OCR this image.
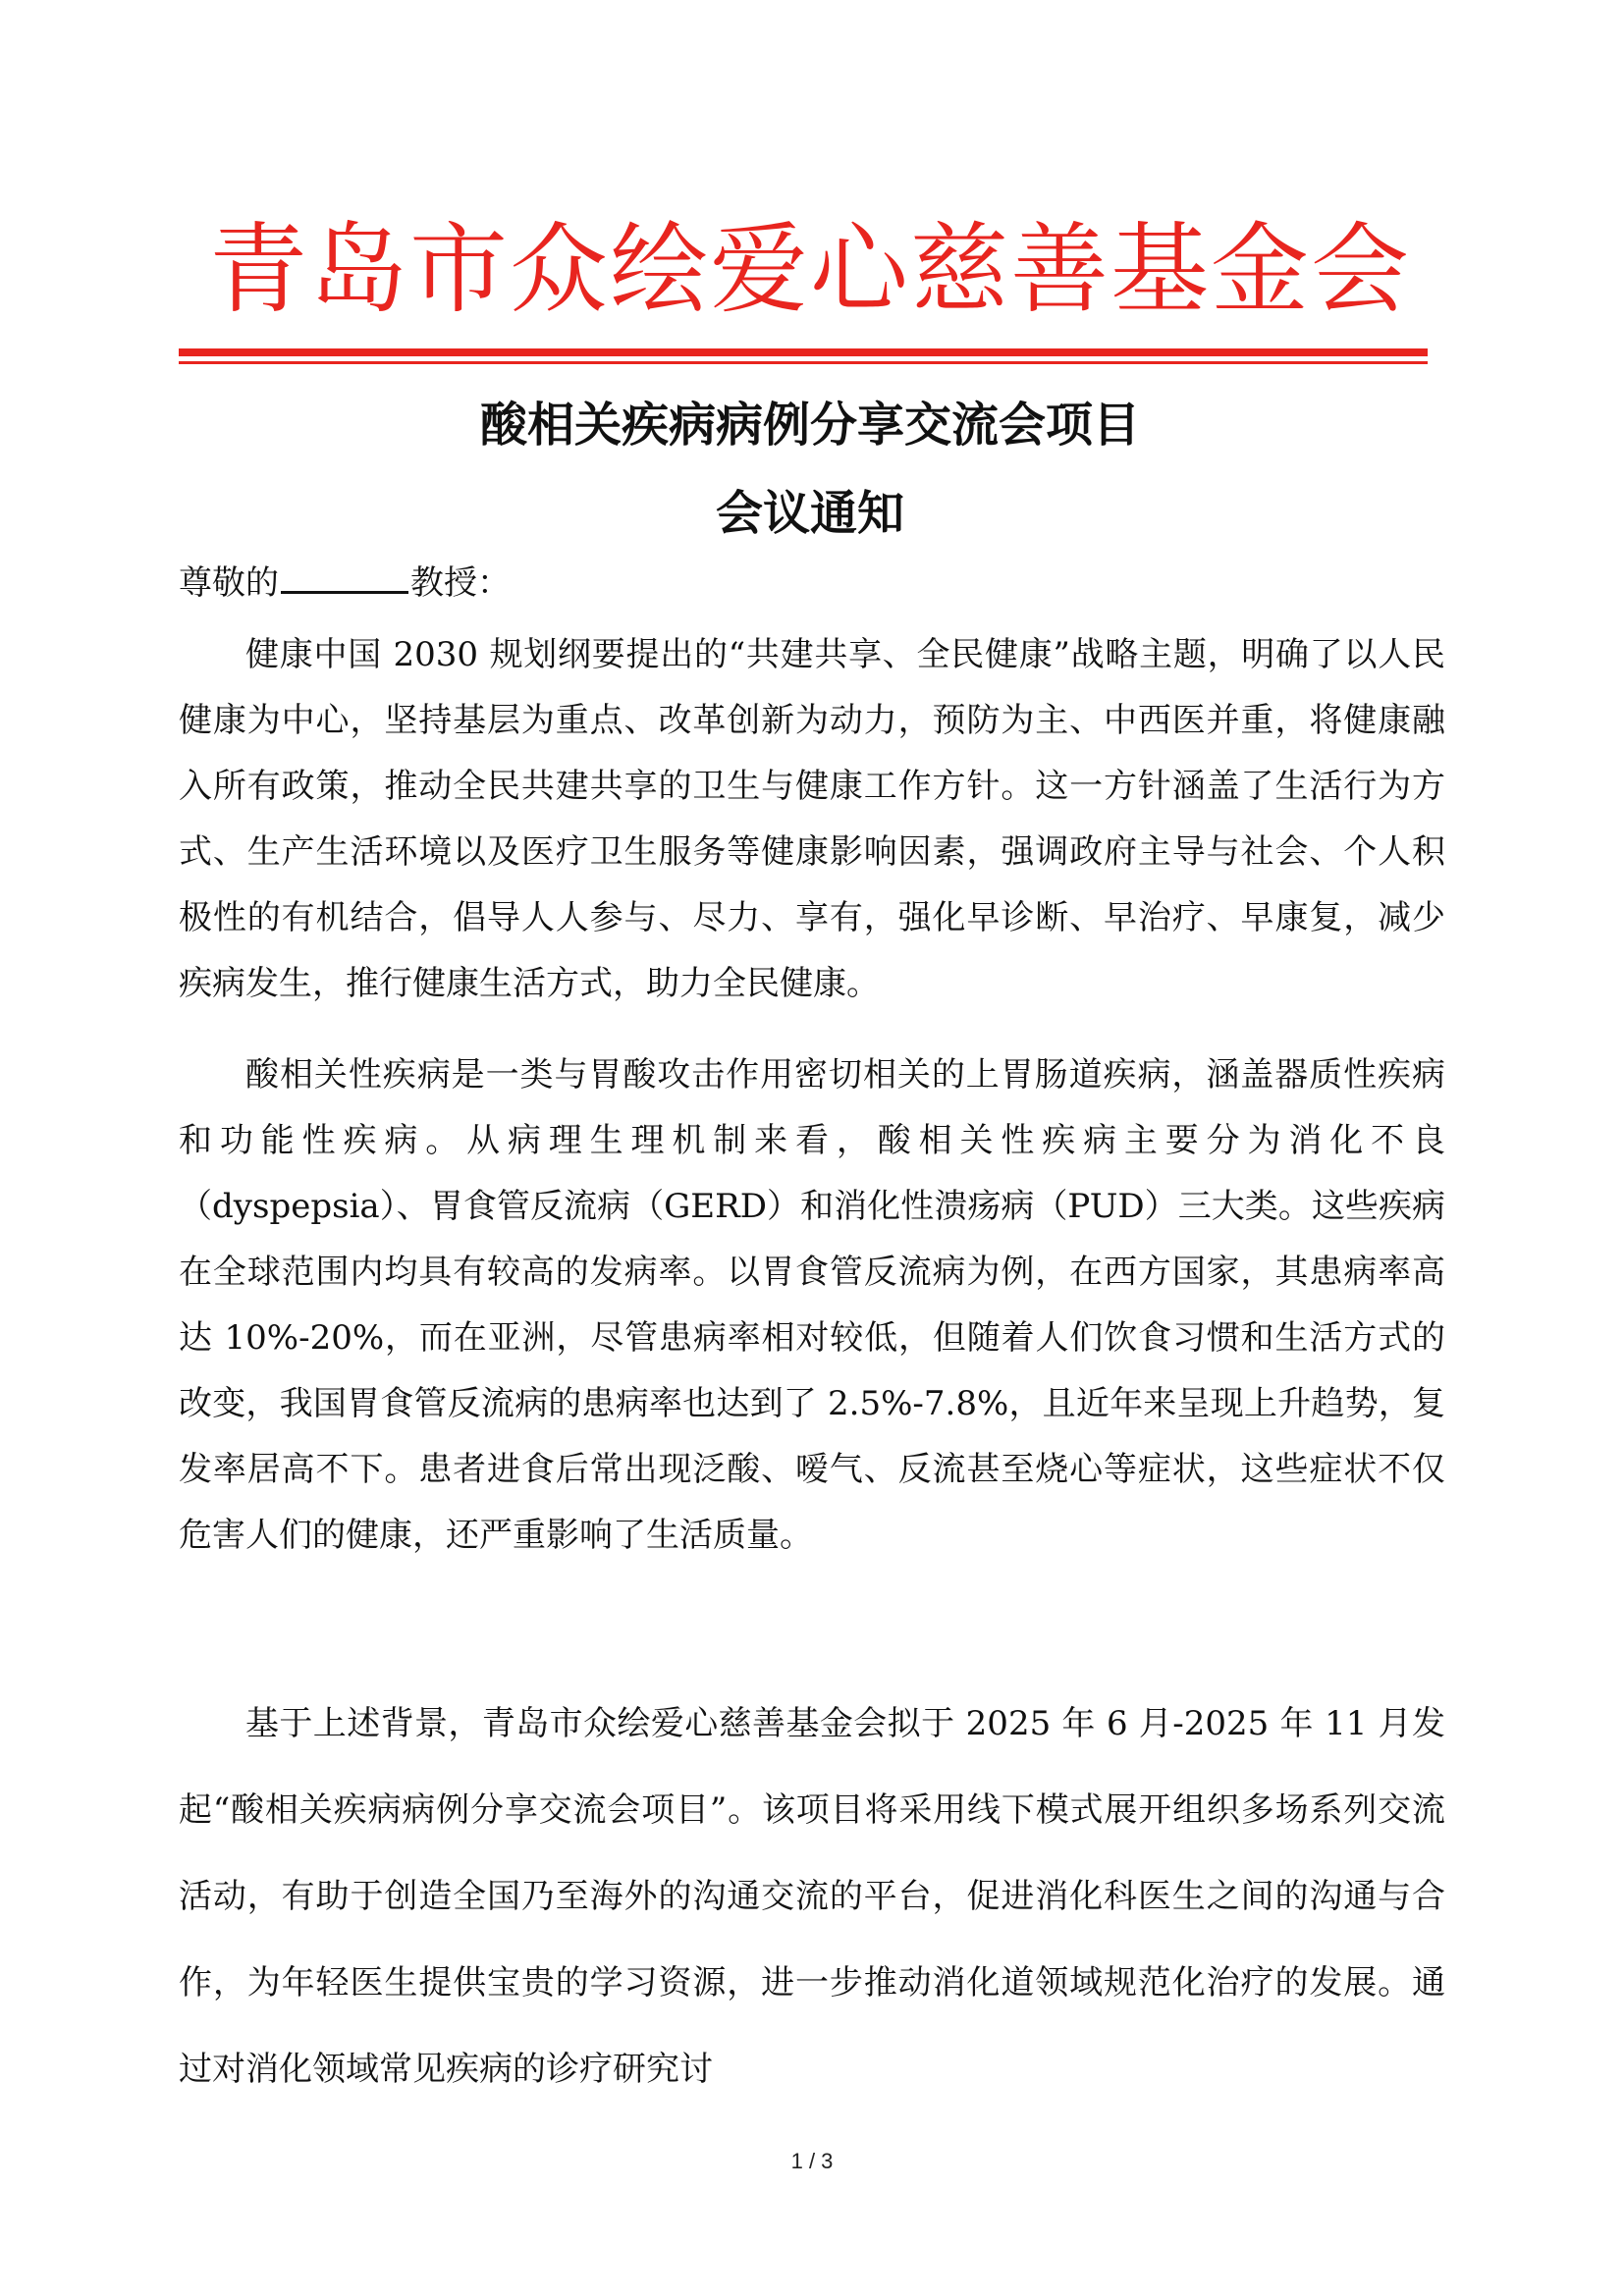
青岛市众绘爱心慈善基金会
酸相关疾病病例分享交流会项目
会议通知
尊敬的	教授：

健康中国 2030 规划纲要提出的“共建共享、全民健康”战略主题，明确了以人民健康为中心，坚持基层为重点、改革创新为动力，预防为主、中西医并重，将健康融入所有政策，推动全民共建共享的卫生与健康工作方针。这一方针涵盖了生活行为方式、生产生活环境以及医疗卫生服务等健康影响因素，强调政府主导与社会、个人积极性的有机结合，倡导人人参与、尽力、享有，强化早诊断、早治疗、早康复，减少疾病发生，推行健康生活方式，助力全民健康。

酸相关性疾病是一类与胃酸攻击作用密切相关的上胃肠道疾病，涵盖器质性疾病和功能性疾病。从病理生理机制来看，酸相关性疾病主要分为消化不良（dyspepsia）、胃食管反流病（GERD）和消化性溃疡病（PUD）三大类。这些疾病在全球范围内均具有较高的发病率。以胃食管反流病为例，在西方国家，其患病率高达 10%-20%，而在亚洲，尽管患病率相对较低，但随着人们饮食习惯和生活方式的改变，我国胃食管反流病的患病率也达到了 2.5%-7.8%，且近年来呈现上升趋势，复发率居高不下。患者进食后常出现泛酸、嗳气、反流甚至烧心等症状，这些症状不仅危害人们的健康，还严重影响了生活质量。

基于上述背景，青岛市众绘爱心慈善基金会拟于 2025 年 6 月-2025 年 11 月发起“酸相关疾病病例分享交流会项目”。该项目将采用线下模式展开组织多场系列交流活动，有助于创造全国乃至海外的沟通交流的平台，促进消化科医生之间的沟通与合作，为年轻医生提供宝贵的学习资源，进一步推动消化道领域规范化治疗的发展。通过对消化领域常见疾病的诊疗研究讨

1 / 3
